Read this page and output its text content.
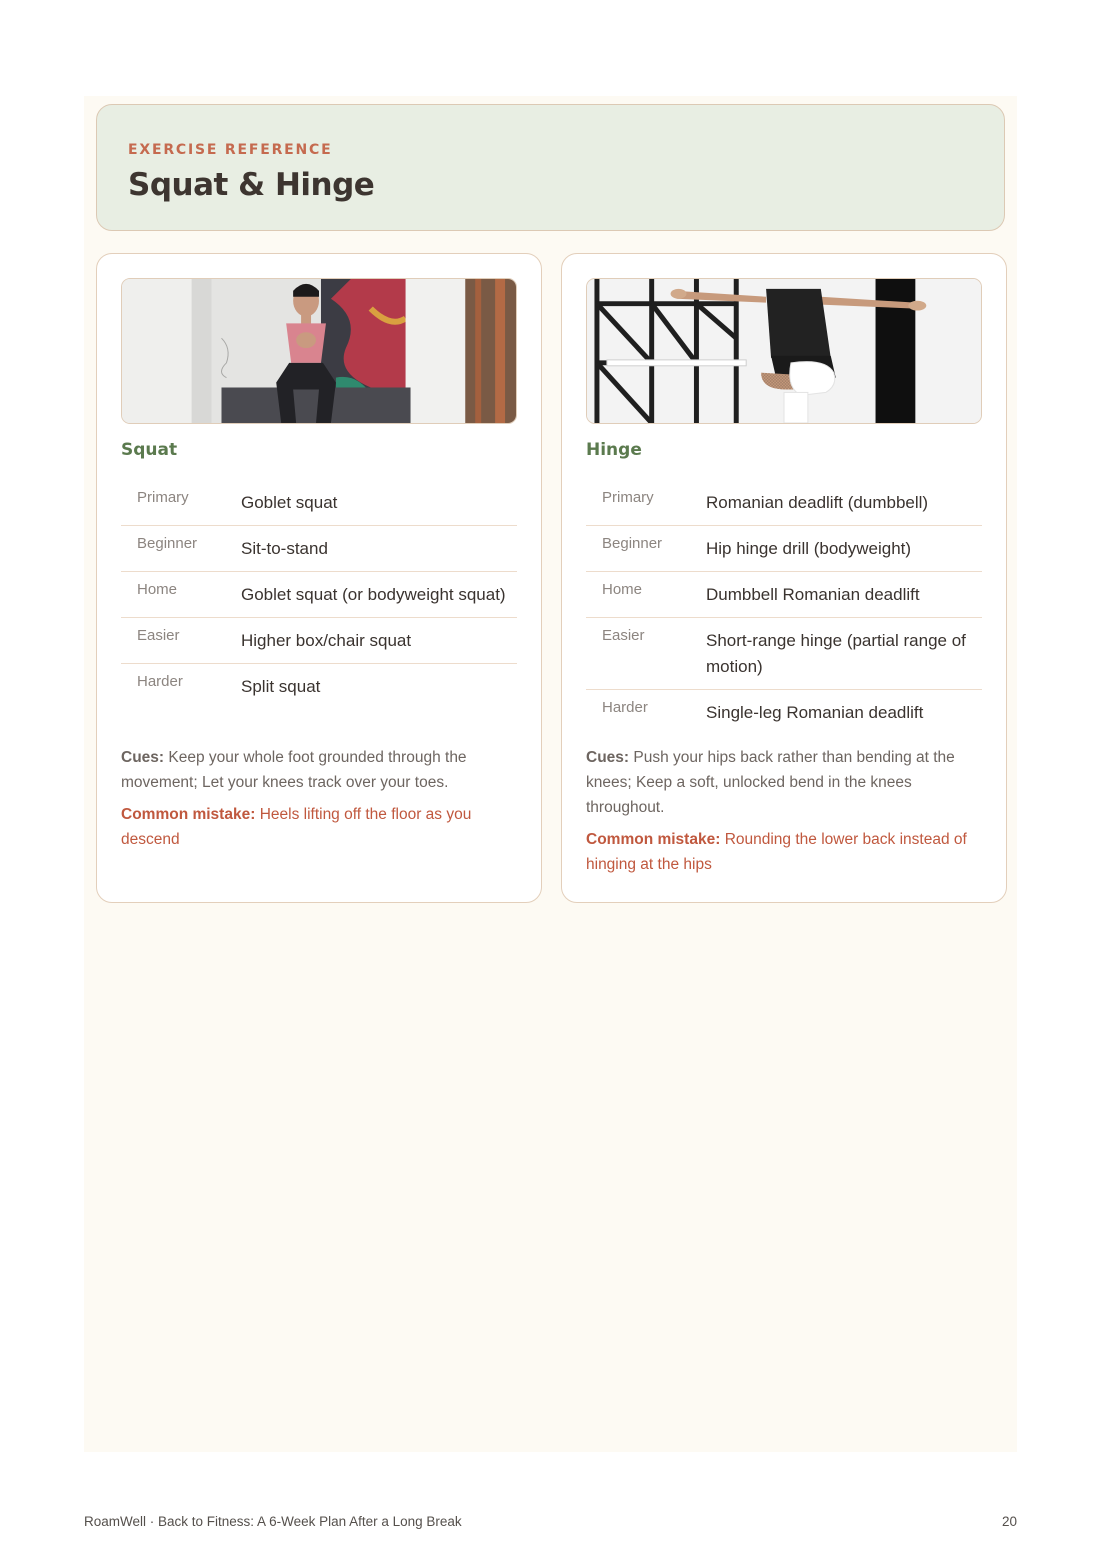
EXERCISE REFERENCE
Squat & Hinge
Squat
Primary	Goblet squat
Beginner	Sit-to-stand
Home	Goblet squat (or bodyweight squat)
Easier	Higher box/chair squat
Harder	Split squat
Cues: Keep your whole foot grounded through the movement; Let your knees track over your toes.
Common mistake: Heels lifting off the floor as you descend
Hinge
Primary	Romanian deadlift (dumbbell)
Beginner	Hip hinge drill (bodyweight)
Home	Dumbbell Romanian deadlift
Easier	Short-range hinge (partial range of motion)
Harder	Single-leg Romanian deadlift
Cues: Push your hips back rather than bending at the knees; Keep a soft, unlocked bend in the knees throughout.
Common mistake: Rounding the lower back instead of hinging at the hips
RoamWell · Back to Fitness: A 6-Week Plan After a Long Break	20
